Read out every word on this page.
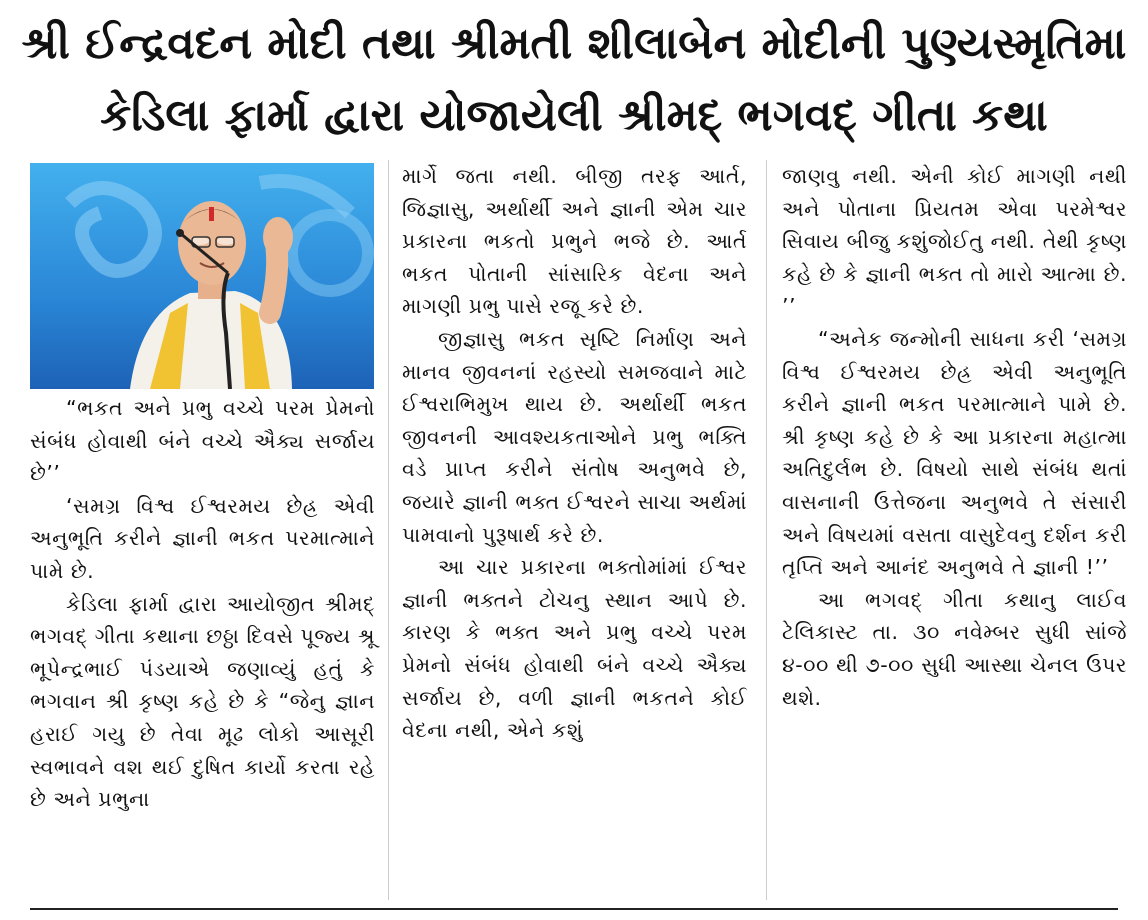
શ્રી ઈન્દ્રવદન મોદી તથા શ્રીમતી શીલાબેન મોદીની પુણ્યસ્મૃતિમા
કેડિલા ફાર્મા દ્વારા યોજાયેલી શ્રીમદ્ ભગવદ્ ગીતા કથા

“ભકત અને પ્રભુ વચ્ચે પરમ પ્રેમનો સંબંધ હોવાથી બંને વચ્ચે ઐક્ય સર્જાય છે’’

‘સમગ્ર વિશ્વ ઈશ્વરમય છેહ્ર એવી અનુભૂતિ કરીને જ્ઞાની ભકત પરમાત્માને પામે છે.

કેડિલા ફાર્મા દ્વારા આયોજીત શ્રીમદ્ ભગવદ્ ગીતા કથાના છઠ્ઠા દિવસે પૂજ્ય શ્રૂ ભૂપેન્દ્રભાઈ પંડયાએ જણાવ્યું હતું કે ભગવાન શ્રી કૃષ્ણ કહે છે કે “જેનુ જ્ઞાન હરાઈ ગયુ છે તેવા મૂઢ લોકો આસૂરી સ્વભાવને વશ થઈ દુષિત કાર્યો કરતા રહે છે અને પ્રભુના

માર્ગે જતા નથી. બીજી તરફ આર્ત, જિજ્ઞાસુ, અર્થાર્થી અને જ્ઞાની એમ ચાર પ્રકારના ભકતો પ્રભુને ભજે છે. આર્ત ભકત પોતાની સાંસારિક વેદના અને માગણી પ્રભુ પાસે રજૂ કરે છે.

જીજ્ઞાસુ ભકત સૃષ્ટિ નિર્માણ અને માનવ જીવનનાં રહસ્યો સમજવાને માટે ઈશ્વરાભિમુખ થાય છે. અર્થાર્થી ભકત જીવનની આવશ્યકતાઓને પ્રભુ ભક્તિ વડે પ્રાપ્ત કરીને સંતોષ અનુભવે છે, જયારે જ્ઞાની ભક્ત ઈશ્વરને સાચા અર્થમાં પામવાનો પુરૂષાર્થ કરે છે.

આ ચાર પ્રકારના ભક્તોમાંમાં ઈશ્વર જ્ઞાની ભક્તને ટોચનુ સ્થાન આપે છે. કારણ કે ભક્ત અને પ્રભુ વચ્ચે પરમ પ્રેમનો સંબંધ હોવાથી બંને વચ્ચે ઐક્ય સર્જાય છે, વળી જ્ઞાની ભકતને કોઈ વેદના નથી, એને કશું

જાણવુ નથી. એની કોઈ માગણી નથી અને પોતાના પ્રિયતમ એવા પરમેશ્વર સિવાય બીજુ કશુંજોઈતુ નથી. તેથી કૃષ્ણ કહે છે કે જ્ઞાની ભક્ત તો મારો આત્મા છે. ’’

“અનેક જન્મોની સાધના કરી ‘સમગ્ર વિશ્વ ઈશ્વરમય છેહ્ર એવી અનુભૂતિ કરીને જ્ઞાની ભકત પરમાત્માને પામે છે. શ્રી કૃષ્ણ કહે છે કે આ પ્રકારના મહાત્મા અતિદુર્લભ છે. વિષયો સાથે સંબંધ થતાં વાસનાની ઉત્તેજના અનુભવે તે સંસારી અને વિષયમાં વસતા વાસુદેવનુ દર્શન કરી તૃપ્તિ અને આનંદ અનુભવે તે જ્ઞાની !’’

આ ભગવદ્ ગીતા કથાનુ લાઈવ ટેલિકાસ્ટ તા. ૩૦ નવેમ્બર સુધી સાંજે ૪-૦૦ થી ૭-૦૦ સુધી આસ્થા ચેનલ ઉપર થશે.
